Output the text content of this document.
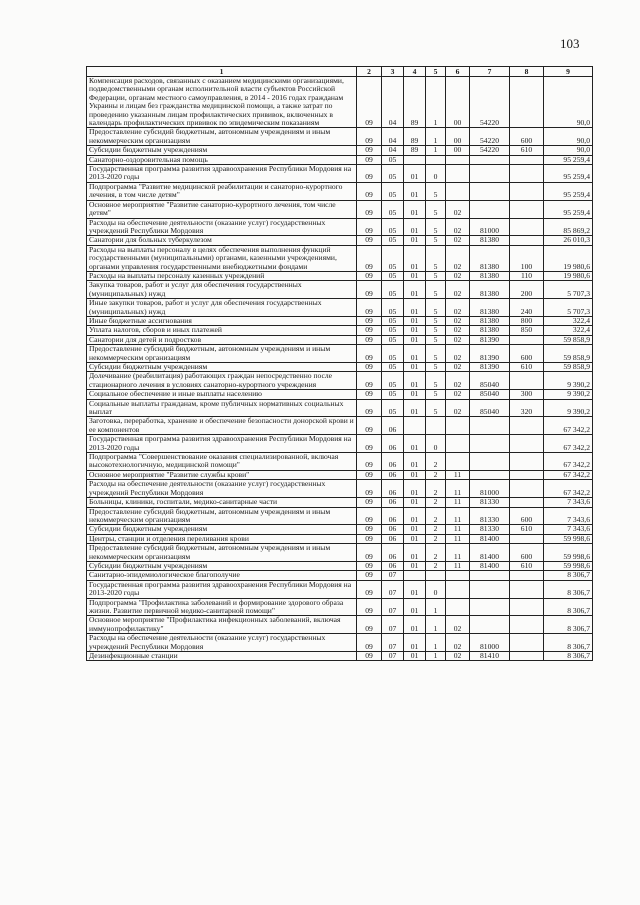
103
1	2	3	4	5	6	7	8	9
Компенсация расходов, связанных с оказанием медицинскими организациями, подведомственными органам исполнительной власти субъектов Российской Федерации, органам местного самоуправления, в 2014 - 2016 годах гражданам Украины и лицам без гражданства медицинской помощи, а также затрат по проведению указанным лицам профилактических прививок, включенных в календарь профилактических прививок по эпидемическим показаниям	09	04	89	1	00	54220		90,0
Предоставление субсидий бюджетным, автономным учреждениям и иным некоммерческим организациям	09	04	89	1	00	54220	600	90,0
Субсидии бюджетным учреждениям	09	04	89	1	00	54220	610	90,0
Санаторно-оздоровительная помощь	09	05						95 259,4
Государственная программа развития здравоохранения Республики Мордовия на 2013-2020 годы	09	05	01	0				95 259,4
Подпрограмма "Развитие медицинской реабилитации и санаторно-курортного лечения, в том числе детям"	09	05	01	5				95 259,4
Основное мероприятие "Развитие санаторно-курортного лечения, том числе детям"	09	05	01	5	02			95 259,4
Расходы на обеспечение деятельности (оказание услуг) государственных учреждений Республики Мордовия	09	05	01	5	02	81000		85 869,2
Санатории для больных туберкулезом	09	05	01	5	02	81380		26 010,3
Расходы на выплаты персоналу в целях обеспечения выполнения функций государственными (муниципальными) органами, казенными учреждениями, органами управления государственными внебюджетными фондами	09	05	01	5	02	81380	100	19 980,6
Расходы на выплаты персоналу казенных учреждений	09	05	01	5	02	81380	110	19 980,6
Закупка товаров, работ и услуг для обеспечения государственных (муниципальных) нужд	09	05	01	5	02	81380	200	5 707,3
Иные закупки товаров, работ и услуг для обеспечения государственных (муниципальных) нужд	09	05	01	5	02	81380	240	5 707,3
Иные бюджетные ассигнования	09	05	01	5	02	81380	800	322,4
Уплата налогов, сборов и иных платежей	09	05	01	5	02	81380	850	322,4
Санатории для детей и подростков	09	05	01	5	02	81390		59 858,9
Предоставление субсидий бюджетным, автономным учреждениям и иным некоммерческим организациям	09	05	01	5	02	81390	600	59 858,9
Субсидии бюджетным учреждениям	09	05	01	5	02	81390	610	59 858,9
Долечивание (реабилитация) работающих граждан непосредственно после стационарного лечения в условиях санаторно-курортного учреждения	09	05	01	5	02	85040		9 390,2
Социальное обеспечение и иные выплаты населению	09	05	01	5	02	85040	300	9 390,2
Социальные выплаты гражданам, кроме публичных нормативных социальных выплат	09	05	01	5	02	85040	320	9 390,2
Заготовка, переработка, хранение и обеспечение безопасности донорской крови и ее компонентов	09	06						67 342,2
Государственная программа развития здравоохранения Республики Мордовия на 2013-2020 годы	09	06	01	0				67 342,2
Подпрограмма "Совершенствование оказания специализированной, включая высокотехнологичную, медицинской помощи"	09	06	01	2				67 342,2
Основное мероприятие "Развитие службы крови"	09	06	01	2	11			67 342,2
Расходы на обеспечение деятельности (оказание услуг) государственных учреждений Республики Мордовия	09	06	01	2	11	81000		67 342,2
Больницы, клиники, госпитали, медико-санитарные части	09	06	01	2	11	81330		7 343,6
Предоставление субсидий бюджетным, автономным учреждениям и иным некоммерческим организациям	09	06	01	2	11	81330	600	7 343,6
Субсидии бюджетным учреждениям	09	06	01	2	11	81330	610	7 343,6
Центры, станции и отделения переливания крови	09	06	01	2	11	81400		59 998,6
Предоставление субсидий бюджетным, автономным учреждениям и иным некоммерческим организациям	09	06	01	2	11	81400	600	59 998,6
Субсидии бюджетным учреждениям	09	06	01	2	11	81400	610	59 998,6
Санитарно-эпидемиологическое благополучие	09	07						8 306,7
Государственная программа развития здравоохранения Республики Мордовия на 2013-2020 годы	09	07	01	0				8 306,7
Подпрограмма "Профилактика заболеваний и формирование здорового образа жизни. Развитие первичной медико-санитарной помощи"	09	07	01	1				8 306,7
Основное мероприятие "Профилактика инфекционных заболеваний, включая иммунопрофилактику"	09	07	01	1	02			8 306,7
Расходы на обеспечение деятельности (оказание услуг) государственных учреждений Республики Мордовия	09	07	01	1	02	81000		8 306,7
Дезинфекционные станции	09	07	01	1	02	81410		8 306,7
